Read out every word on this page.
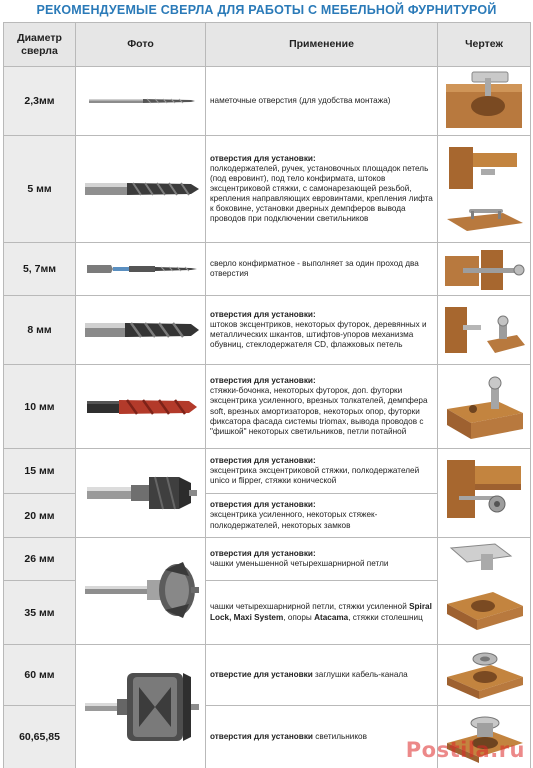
РЕКОМЕНДУЕМЫЕ СВЕРЛА ДЛЯ РАБОТЫ С МЕБЕЛЬНОЙ ФУРНИТУРОЙ
Диаметр сверла	Фото	Применение	Чертеж
2,3мм		наметочные отверстия (для удобства монтажа)	

5 мм		отверстия для установки:
полкодержателей, ручек, установочных площадок петель (под евровинт), под тело конфирмата, штоков эксцентриковой стяжки, с самонарезающей резьбой, крепления направляющих евровинтами, крепления лифта к боковине, установки дверных демпферов вывода проводов при подключении светильников	

5, 7мм		сверло конфирматное - выполняет за один проход два отверстия	

8 мм		отверстия для установки:
штоков эксцентриков, некоторых футорок, деревянных и металлических шкантов, штифтов-упоров механизма обувниц, стеклодержателя CD, флажковых петель	

10 мм		отверстия для установки:
стяжки-бочонка, некоторых футорок, доп. футорки эксцентрика усиленного, врезных толкателей, демпфера soft, врезных амортизаторов, некоторых опор, футорки фиксатора фасада системы triomax, вывода проводов с "фишкой" некоторых светильников, петли потайной	

15 мм		отверстия для установки:
эксцентрика эксцентриковой стяжки, полкодержателей unico и flipper, стяжки конической	

20 мм		отверстия для установки:
эксцентрика усиленного, некоторых стяжек-полкодержателей, некоторых замков	
26 мм		отверстия для установки:
чашки уменьшенной четырехшарнирной петли	

35 мм		чашки четырехшарнирной петли, стяжки усиленной Spiral Lock, Maxi System, опоры Atacama, стяжки столешниц	
60 мм		отверстие для установки заглушки кабель-канала	

60,65,85		отверстия для установки светильников	
Postila.ru
